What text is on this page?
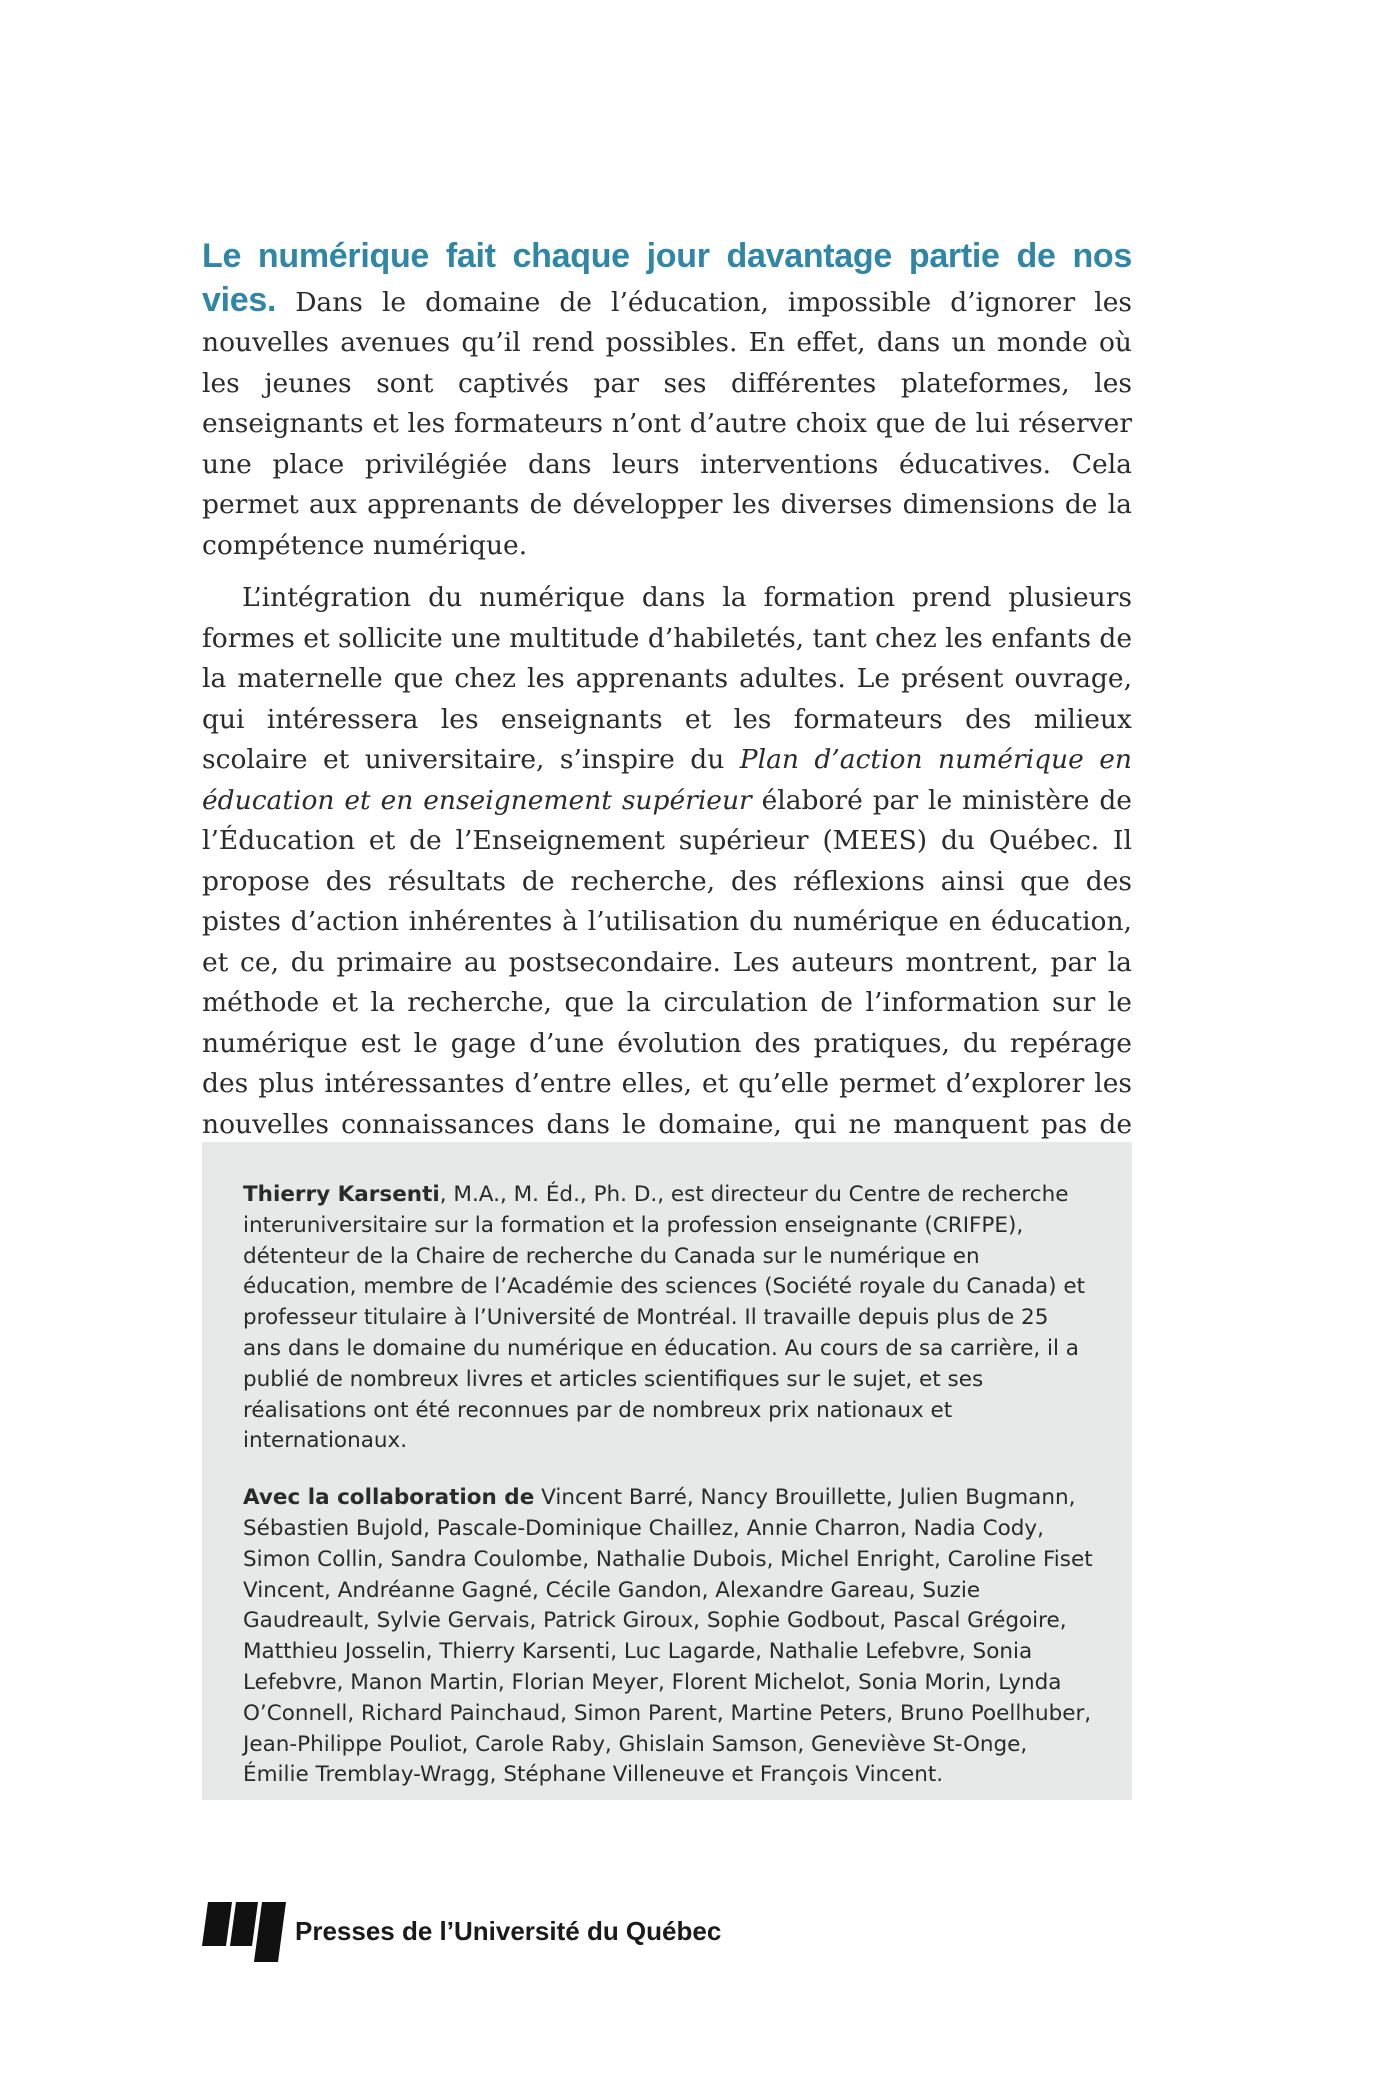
Le numérique fait chaque jour davantage partie de nos vies. Dans le domaine de l’éducation, impossible d’ignorer les nouvelles avenues qu’il rend possibles. En effet, dans un monde où les jeunes sont captivés par ses différentes plateformes, les enseignants et les formateurs n’ont d’autre choix que de lui réserver une place privilégiée dans leurs interventions éducatives. Cela permet aux apprenants de développer les diverses dimensions de la compétence numérique.

L’intégration du numérique dans la formation prend plusieurs formes et sollicite une multitude d’habiletés, tant chez les enfants de la maternelle que chez les apprenants adultes. Le présent ouvrage, qui intéressera les enseignants et les formateurs des milieux scolaire et universitaire, s’inspire du Plan d’action numérique en éducation et en enseignement supérieur élaboré par le ministère de l’Éducation et de l’Enseignement supérieur (MEES) du Québec. Il propose des résultats de recherche, des réflexions ainsi que des pistes d’action inhérentes à l’utilisation du numérique en éducation, et ce, du primaire au postsecondaire. Les auteurs montrent, par la méthode et la recherche, que la circulation de l’information sur le numérique est le gage d’une évolution des pratiques, du repérage des plus intéressantes d’entre elles, et qu’elle permet d’explorer les nouvelles connaissances dans le domaine, qui ne manquent pas de

Thierry Karsenti, M.A., M. Éd., Ph. D., est directeur du Centre de recherche interuniversitaire sur la formation et la profession enseignante (CRIFPE), détenteur de la Chaire de recherche du Canada sur le numérique en éducation, membre de l’Académie des sciences (Société royale du Canada) et professeur titulaire à l’Université de Montréal. Il travaille depuis plus de 25 ans dans le domaine du numérique en éducation. Au cours de sa carrière, il a publié de nombreux livres et articles scientifiques sur le sujet, et ses réalisations ont été reconnues par de nombreux prix nationaux et internationaux.

Avec la collaboration de Vincent Barré, Nancy Brouillette, Julien Bugmann, Sébastien Bujold, Pascale-Dominique Chaillez, Annie Charron, Nadia Cody, Simon Collin, Sandra Coulombe, Nathalie Dubois, Michel Enright, Caroline Fiset Vincent, Andréanne Gagné, Cécile Gandon, Alexandre Gareau, Suzie Gaudreault, Sylvie Gervais, Patrick Giroux, Sophie Godbout, Pascal Grégoire, Matthieu Josselin, Thierry Karsenti, Luc Lagarde, Nathalie Lefebvre, Sonia Lefebvre, Manon Martin, Florian Meyer, Florent Michelot, Sonia Morin, Lynda O’Connell, Richard Painchaud, Simon Parent, Martine Peters, Bruno Poellhuber, Jean-Philippe Pouliot, Carole Raby, Ghislain Samson, Geneviève St-Onge, Émilie Tremblay-Wragg, Stéphane Villeneuve et François Vincent.

Presses de l’Université du Québec
